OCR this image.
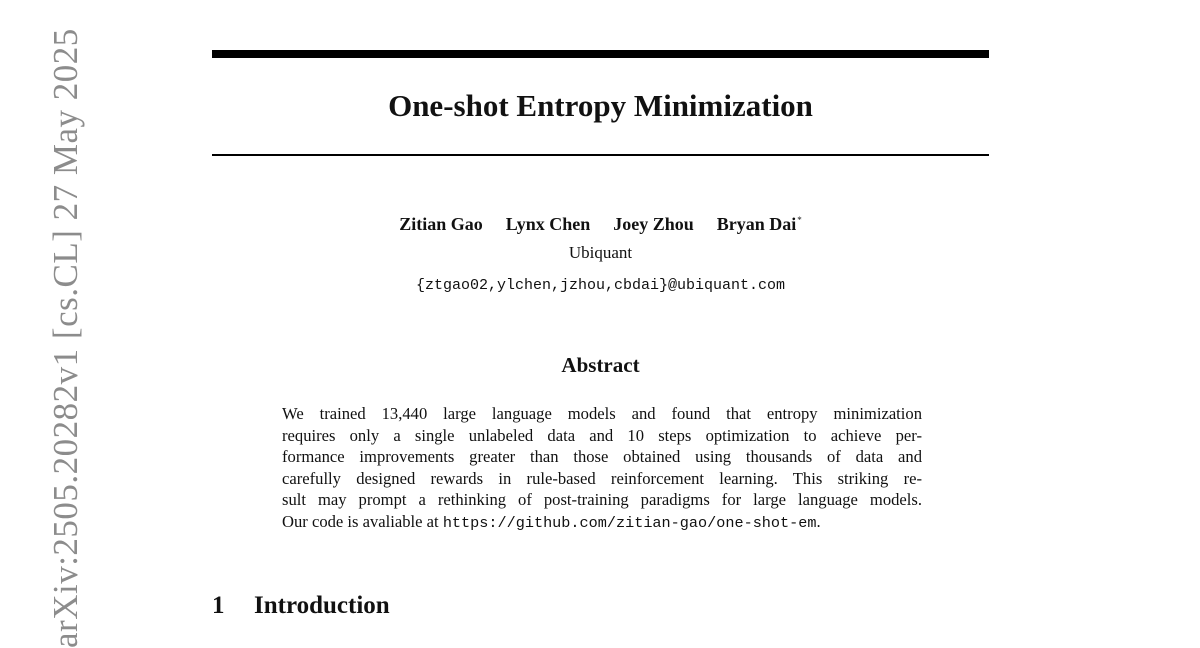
arXiv:2505.20282v1 [cs.CL] 27 May 2025	One-shot Entropy Minimization
Zitian Gao Lynx Chen Joey Zhou Bryan Dai*
Ubiquant
{ztgao02,ylchen,jzhou,cbdai}@ubiquant.com
Abstract
We trained 13,440 large language models and found that entropy minimization
requires only a single unlabeled data and 10 steps optimization to achieve per-
formance improvements greater than those obtained using thousands of data and
carefully designed rewards in rule-based reinforcement learning. This striking re-
sult may prompt a rethinking of post-training paradigms for large language models.
Our code is avaliable at https://github.com/zitian-gao/one-shot-em.
1 Introduction
